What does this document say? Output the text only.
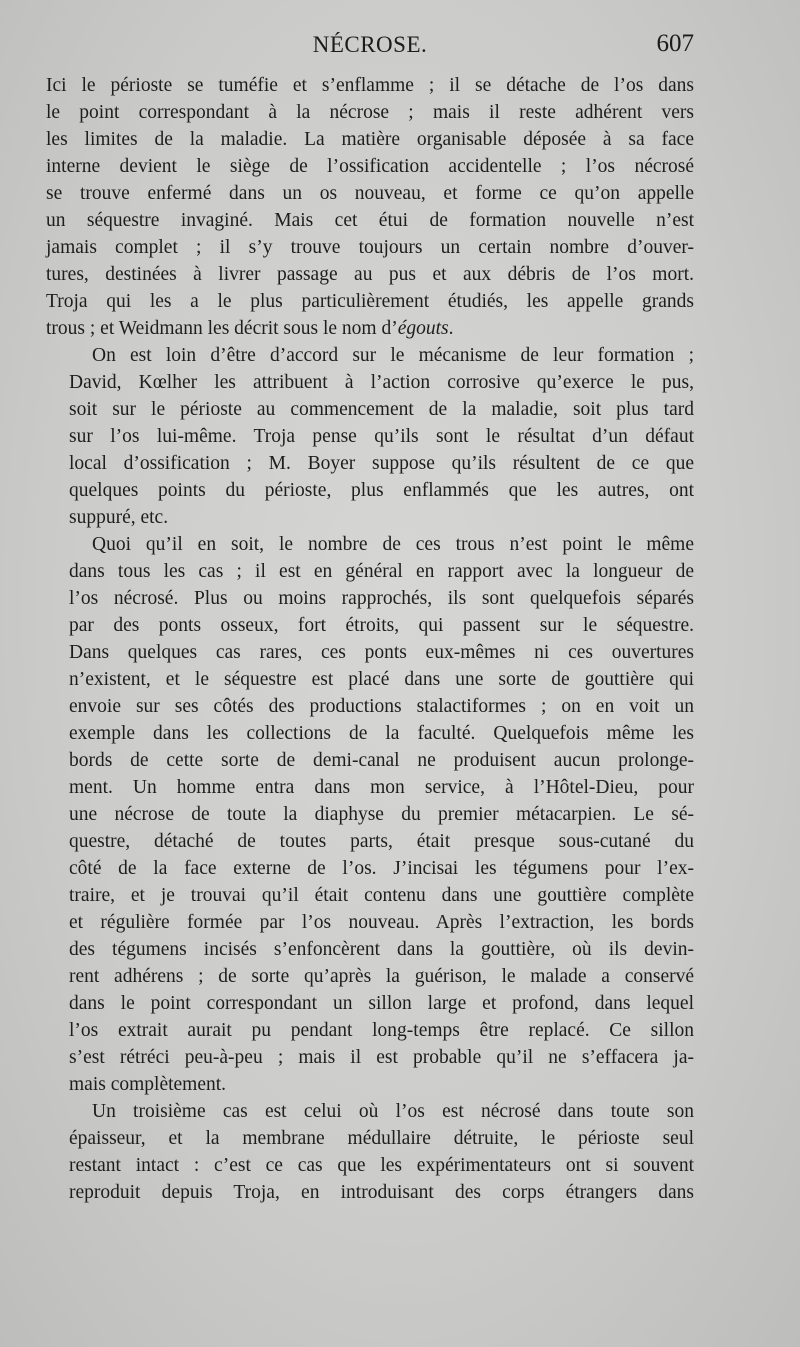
NÉCROSE.	607
Ici le périoste se tuméfie et s’enflamme ; il se détache de l’os dans
le point correspondant à la nécrose ; mais il reste adhérent vers
les limites de la maladie. La matière organisable déposée à sa face
interne devient le siège de l’ossification accidentelle ; l’os nécrosé
se trouve enfermé dans un os nouveau, et forme ce qu’on appelle
un séquestre invaginé. Mais cet étui de formation nouvelle n’est
jamais complet ; il s’y trouve toujours un certain nombre d’ouver-
tures, destinées à livrer passage au pus et aux débris de l’os mort.
Troja qui les a le plus particulièrement étudiés, les appelle grands
trous ; et Weidmann les décrit sous le nom d’égouts.
On est loin d’être d’accord sur le mécanisme de leur formation ;
David, Kœlher les attribuent à l’action corrosive qu’exerce le pus,
soit sur le périoste au commencement de la maladie, soit plus tard
sur l’os lui-même. Troja pense qu’ils sont le résultat d’un défaut
local d’ossification ; M. Boyer suppose qu’ils résultent de ce que
quelques points du périoste, plus enflammés que les autres, ont
suppuré, etc.
Quoi qu’il en soit, le nombre de ces trous n’est point le même
dans tous les cas ; il est en général en rapport avec la longueur de
l’os nécrosé. Plus ou moins rapprochés, ils sont quelquefois séparés
par des ponts osseux, fort étroits, qui passent sur le séquestre.
Dans quelques cas rares, ces ponts eux-mêmes ni ces ouvertures
n’existent, et le séquestre est placé dans une sorte de gouttière qui
envoie sur ses côtés des productions stalactiformes ; on en voit un
exemple dans les collections de la faculté. Quelquefois même les
bords de cette sorte de demi-canal ne produisent aucun prolonge-
ment. Un homme entra dans mon service, à l’Hôtel-Dieu, pour
une nécrose de toute la diaphyse du premier métacarpien. Le sé-
questre, détaché de toutes parts, était presque sous-cutané du
côté de la face externe de l’os. J’incisai les tégumens pour l’ex-
traire, et je trouvai qu’il était contenu dans une gouttière complète
et régulière formée par l’os nouveau. Après l’extraction, les bords
des tégumens incisés s’enfoncèrent dans la gouttière, où ils devin-
rent adhérens ; de sorte qu’après la guérison, le malade a conservé
dans le point correspondant un sillon large et profond, dans lequel
l’os extrait aurait pu pendant long-temps être replacé. Ce sillon
s’est rétréci peu-à-peu ; mais il est probable qu’il ne s’effacera ja-
mais complètement.
Un troisième cas est celui où l’os est nécrosé dans toute son
épaisseur, et la membrane médullaire détruite, le périoste seul
restant intact : c’est ce cas que les expérimentateurs ont si souvent
reproduit depuis Troja, en introduisant des corps étrangers dans
